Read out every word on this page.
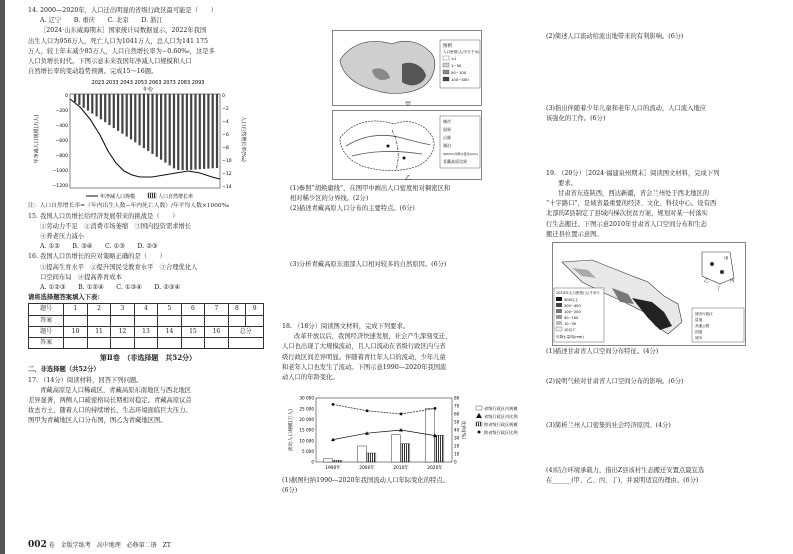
14. 2000—2020年，人口迁出明显的省级行政区最可能是（　　）

A. 辽宁　　B. 重庆　　C. 北京　　D. 浙江

［2024·山东威海期末］国家统计局数据显示，2022年我国

出生人口为956万人，死亡人口为1041万人，总人口为141 175

万人，较上年末减少85万人，人口自然增长率为−0.60‰，这是多

人口负增长时代。下图示意未来我国年净减人口规模和人口

自然增长率的变动趋势预测。完成15～16题。

2023 2033 2043 2053 2063 2073 2083 2093
年份
年净减人口规模(万人)	人口自然增长率(‰)
0
−200
−400
−600
−800
−1000
−1200
0
−2
−4
−6
−8
−10
−12
−14
年净减人口规模	人口自然增长率

注：人口自然增长率=（年内出生人数−年内死亡人数）/年平均人数×1000‰

15. 我国人口负增长给经济发展带来的挑战是（　　）

①劳动力不足　②消费市场萎缩　③国内投资需求增长

④养老压力减小

A. ①②　　B. ③④　　C. ①③　　D. ②③

16. 我国人口负增长的应对策略正确的是（　　）

①提高生育水平　②提升国民受教育水平　③合理优化人

口空间布局　④提高养育成本

A. ①②③　　B. ①②④　　C. ①③④　　D. ②③④

请将选择题答案填入下表：

题号	1	2	3	4	5	6	7	8	9
答案									
题号	10	11	12	13	14	15	16	总分	
答案									

第Ⅱ卷　（非选择题　共52分）

二、非选择题（共52分）

17. （14分）阅读材料，回答下列问题。

青藏高原是人口稀疏区，青藏高原东南地区与西北地区

差异显著，两侧人口疏密格局长期相对稳定。青藏高原议首

妆去方土，随着人口的持续增长，生态环境面临巨大压力。

图甲为青藏地区人口分布图，图乙为青藏地区图。

图例
人口密度(人/平方千米)
<1
1~50
50~100
100~400

甲

城市
国界
山脉
湖泊
400mm年降水量线(mm)
青藏高原边界

乙

(1)参照“胡焕庸线”，在图甲中画出人口密度相对稠密区和

相对稀少区的分界线。(2分)

(2)描述青藏高原人口分布的主要特点。(6分)

(3)分析青藏高原东南部人口相对较多的自然原因。(6分)

18. （18分）阅读图文材料，完成下列要求。

改革开放以后，我国经济快速发展，社会产生深刻变迁，

人口也出现了大规模流动，且人口流动在省级行政区内与省

级行政区间差异明显。伴随着青壮年人口的流动，少年儿童

和老年人口也发生了流动。下图示意1990—2020年我国流

动人口的年龄变化。

流动人口规模(万人)	比例(%)
30 000
25 000
20 000
15 000
10 000
5 000
0
80
70
60
50
40
30
20
10
0
1990年	2000年	2010年	2020年
省级行政区内规模
省级行政区内比例
跨省级行政区规模
跨省级行政区比例

(1)据图归纳1990—2020年我国流动人口年际变化的特点。

(6分)

(2)简述人口流动给流出地带来的有利影响。(6分)

(3)指出伴随着少年儿童和老年人口的流动，人口流入地应

该强化的工作。(6分)

19. （20分）［2024·福建泉州期末］阅读图文材料，完成下列

要求。

甘肃省东连陕西，西达新疆，省会兰州处于西北地区的

“十字路口”，是域省最重要的经济、文化、科技中心。设有西

北部的Z县制定了县域内梯次扶贫方案，规划对某一村落实

行生态搬迁。下图示意2010年甘肃省人口空间分布和生态

搬迁县位置示意图。

甲
乙	丙
丁
2010年人口密度(人/千米²)
400以上
200~400
100~200
50~100
10~50
10以下
年降水量线(mm)
城市行政区
县境
高速公路
国道
城市

(1)描述甘肃省人口空间分布特征。(4分)

(2)说明气候对甘肃省人口空间分布的影响。(6分)

(3)简析兰州人口密集的社会经济原因。(4分)

(4)结合环境承载力，指出Z县该村生态搬迁安置点最宜选

在______(甲、乙、丙、丁)，并说明适宜的理由。(6分)

002 卷　金版学练考　高中地理　必修第二册　ZT
